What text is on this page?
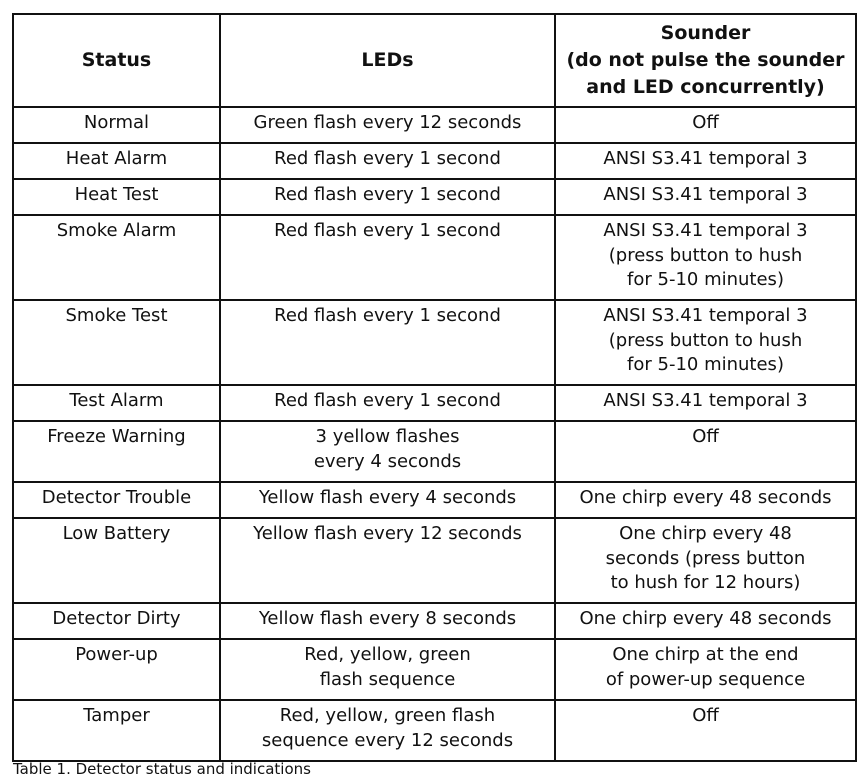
Status	LEDs	Sounder
(do not pulse the sounder
and LED concurrently)
Normal	Green flash every 12 seconds	Off
Heat Alarm	Red flash every 1 second	ANSI S3.41 temporal 3
Heat Test	Red flash every 1 second	ANSI S3.41 temporal 3
Smoke Alarm	Red flash every 1 second	ANSI S3.41 temporal 3
(press button to hush
for 5-10 minutes)
Smoke Test	Red flash every 1 second	ANSI S3.41 temporal 3
(press button to hush
for 5-10 minutes)
Test Alarm	Red flash every 1 second	ANSI S3.41 temporal 3
Freeze Warning	3 yellow flashes
every 4 seconds	Off
Detector Trouble	Yellow flash every 4 seconds	One chirp every 48 seconds
Low Battery	Yellow flash every 12 seconds	One chirp every 48
seconds (press button
to hush for 12 hours)
Detector Dirty	Yellow flash every 8 seconds	One chirp every 48 seconds
Power-up	Red, yellow, green
flash sequence	One chirp at the end
of power-up sequence
Tamper	Red, yellow, green flash
sequence every 12 seconds	Off
Table 1. Detector status and indications
